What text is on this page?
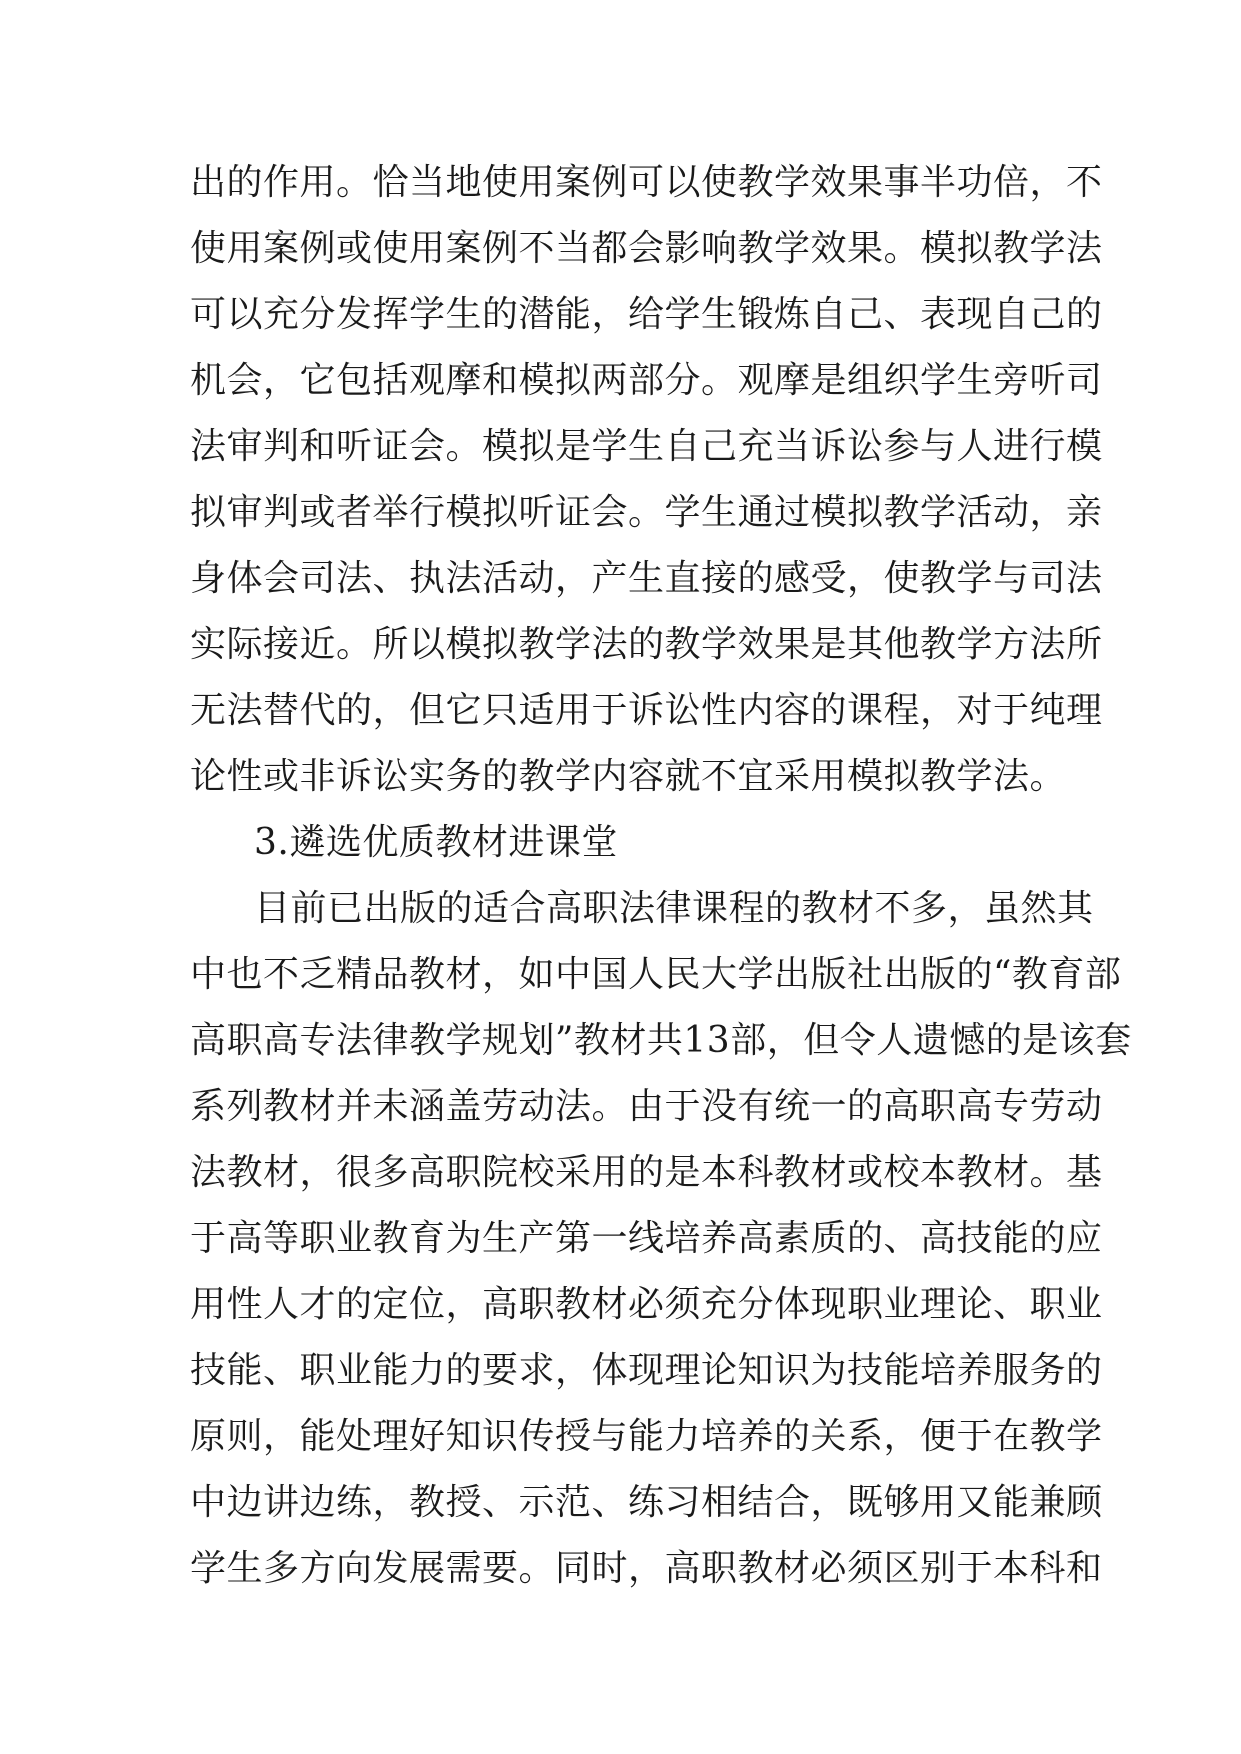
出的作用。恰当地使用案例可以使教学效果事半功倍，不
使用案例或使用案例不当都会影响教学效果。模拟教学法
可以充分发挥学生的潜能，给学生锻炼自己、表现自己的
机会，它包括观摩和模拟两部分。观摩是组织学生旁听司
法审判和听证会。模拟是学生自己充当诉讼参与人进行模
拟审判或者举行模拟听证会。学生通过模拟教学活动，亲
身体会司法、执法活动，产生直接的感受，使教学与司法
实际接近。所以模拟教学法的教学效果是其他教学方法所
无法替代的，但它只适用于诉讼性内容的课程，对于纯理
论性或非诉讼实务的教学内容就不宜采用模拟教学法。
3.遴选优质教材进课堂
目前已出版的适合高职法律课程的教材不多，虽然其
中也不乏精品教材，如中国人民大学出版社出版的“教育部
高职高专法律教学规划”教材共13部，但令人遗憾的是该套
系列教材并未涵盖劳动法。由于没有统一的高职高专劳动
法教材，很多高职院校采用的是本科教材或校本教材。基
于高等职业教育为生产第一线培养高素质的、高技能的应
用性人才的定位，高职教材必须充分体现职业理论、职业
技能、职业能力的要求，体现理论知识为技能培养服务的
原则，能处理好知识传授与能力培养的关系，便于在教学
中边讲边练，教授、示范、练习相结合，既够用又能兼顾
学生多方向发展需要。同时，高职教材必须区别于本科和
